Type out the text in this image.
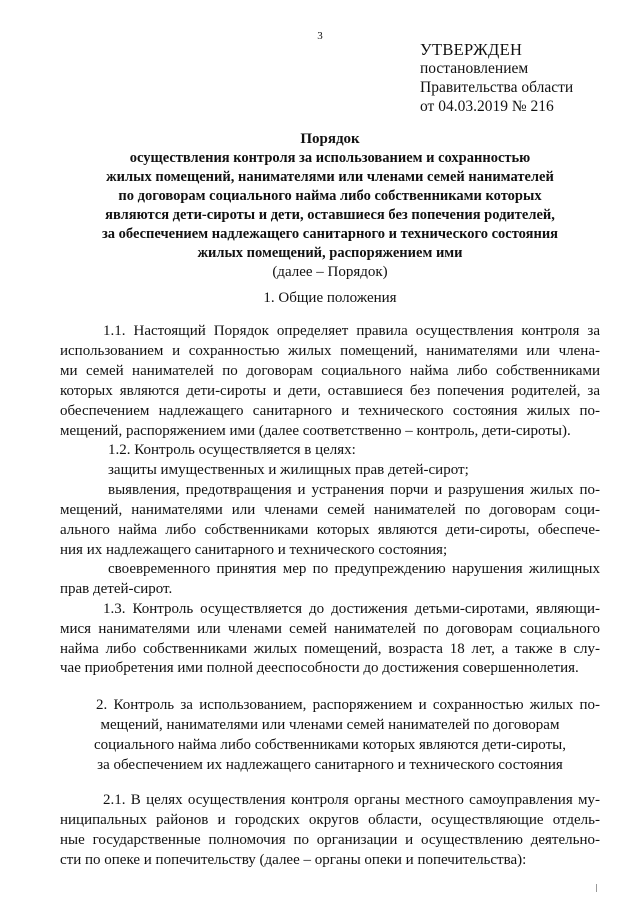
3
УТВЕРЖДЕН
постановлением
Правительства области
от 04.03.2019 № 216
Порядок
осуществления контроля за использованием и сохранностью
жилых помещений, нанимателями или членами семей нанимателей
по договорам социального найма либо собственниками которых
являются дети-сироты и дети, оставшиеся без попечения родителей,
за обеспечением надлежащего санитарного и технического состояния
жилых помещений, распоряжением ими
(далее – Порядок)
1. Общие положения
1.1. Настоящий Порядок определяет правила осуществления контроля за
использованием и сохранностью жилых помещений, нанимателями или члена-
ми семей нанимателей по договорам социального найма либо собственниками
которых являются дети-сироты и дети, оставшиеся без попечения родителей, за
обеспечением надлежащего санитарного и технического состояния жилых по-
мещений, распоряжением ими (далее соответственно – контроль, дети-сироты).
1.2. Контроль осуществляется в целях:
защиты имущественных и жилищных прав детей-сирот;
выявления, предотвращения и устранения порчи и разрушения жилых по-
мещений, нанимателями или членами семей нанимателей по договорам соци-
ального найма либо собственниками которых являются дети-сироты, обеспече-
ния их надлежащего санитарного и технического состояния;
своевременного принятия мер по предупреждению нарушения жилищных
прав детей-сирот.
1.3. Контроль осуществляется до достижения детьми-сиротами, являющи-
мися нанимателями или членами семей нанимателей по договорам социального
найма либо собственниками жилых помещений, возраста 18 лет, а также в слу-
чае приобретения ими полной дееспособности до достижения совершеннолетия.
2. Контроль за использованием, распоряжением и сохранностью жилых по-
мещений, нанимателями или членами семей нанимателей по договорам
социального найма либо собственниками которых являются дети-сироты,
за обеспечением их надлежащего санитарного и технического состояния
2.1. В целях осуществления контроля органы местного самоуправления му-
ниципальных районов и городских округов области, осуществляющие отдель-
ные государственные полномочия по организации и осуществлению деятельно-
сти по опеке и попечительству (далее – органы опеки и попечительства):
